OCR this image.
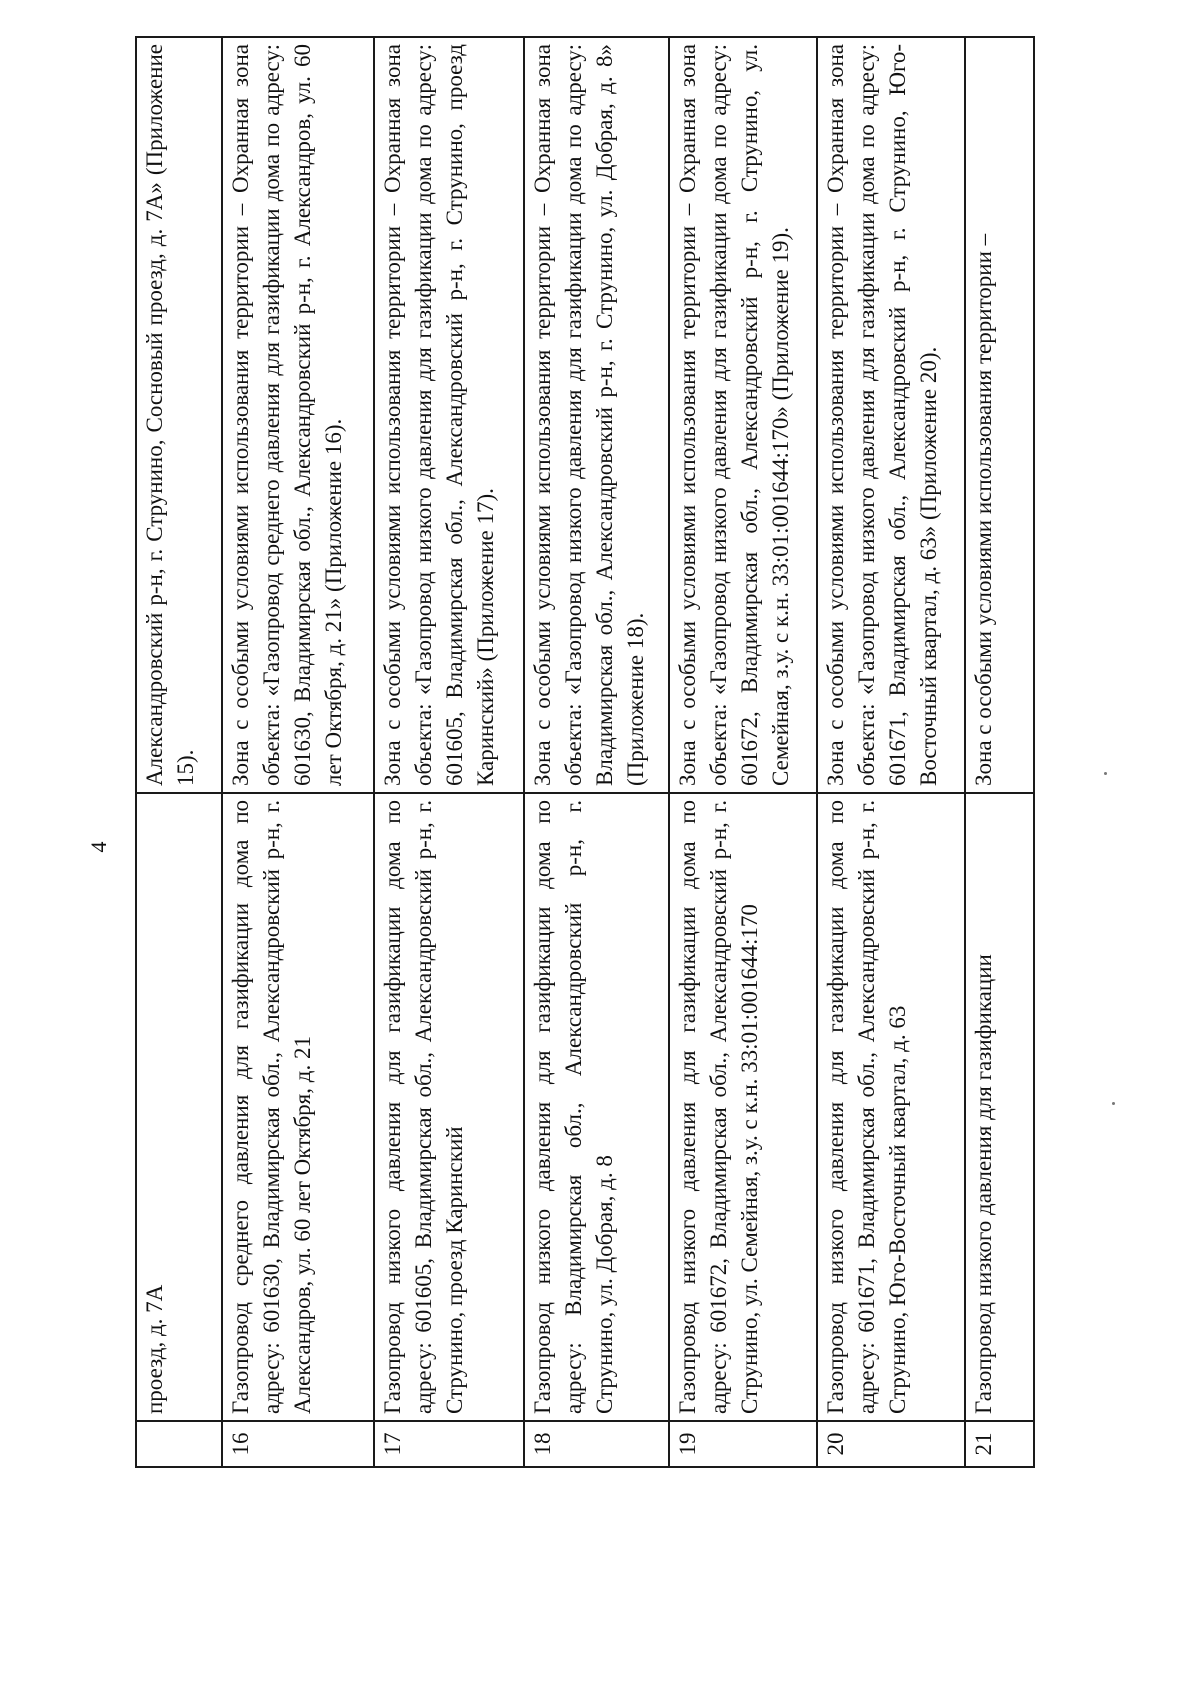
4
	проезд, д. 7А	Александровский р-н, г. Струнино, Сосновый проезд, д. 7А» (Приложение 15).
16	Газопровод среднего давления для газификации дома по адресу: 601630, Владимирская обл., Александровский р-н, г. Александров, ул. 60 лет Октября, д. 21	Зона с особыми условиями использования территории – Охранная зона объекта: «Газопровод среднего давления для газификации дома по адресу: 601630, Владимирская обл., Александровский р-н, г. Александров, ул. 60 лет Октября, д. 21» (Приложение 16).
17	Газопровод низкого давления для газификации дома по адресу: 601605, Владимирская обл., Александровский р-н, г. Струнино, проезд Каринский	Зона с особыми условиями использования территории – Охранная зона объекта: «Газопровод низкого давления для газификации дома по адресу: 601605, Владимирская обл., Александровский р-н, г. Струнино, проезд Каринский» (Приложение 17).
18	Газопровод низкого давления для газификации дома по адресу: Владимирская обл., Александровский р-н, г. Струнино, ул. Добрая, д. 8	Зона с особыми условиями использования территории – Охранная зона объекта: «Газопровод низкого давления для газификации дома по адресу: Владимирская обл., Александровский р-н, г. Струнино, ул. Добрая, д. 8» (Приложение 18).
19	Газопровод низкого давления для газификации дома по адресу: 601672, Владимирская обл., Александровский р-н, г. Струнино, ул. Семейная, з.у. с к.н. 33:01:001644:170	Зона с особыми условиями использования территории – Охранная зона объекта: «Газопровод низкого давления для газификации дома по адресу: 601672, Владимирская обл., Александровский р-н, г. Струнино, ул. Семейная, з.у. с к.н. 33:01:001644:170» (Приложение 19).
20	Газопровод низкого давления для газификации дома по адресу: 601671, Владимирская обл., Александровский р-н, г. Струнино, Юго-Восточный квартал, д. 63	Зона с особыми условиями использования территории – Охранная зона объекта: «Газопровод низкого давления для газификации дома по адресу: 601671, Владимирская обл., Александровский р-н, г. Струнино, Юго-Восточный квартал, д. 63» (Приложение 20).
21	Газопровод низкого давления для газификации	Зона с особыми условиями использования территории –
